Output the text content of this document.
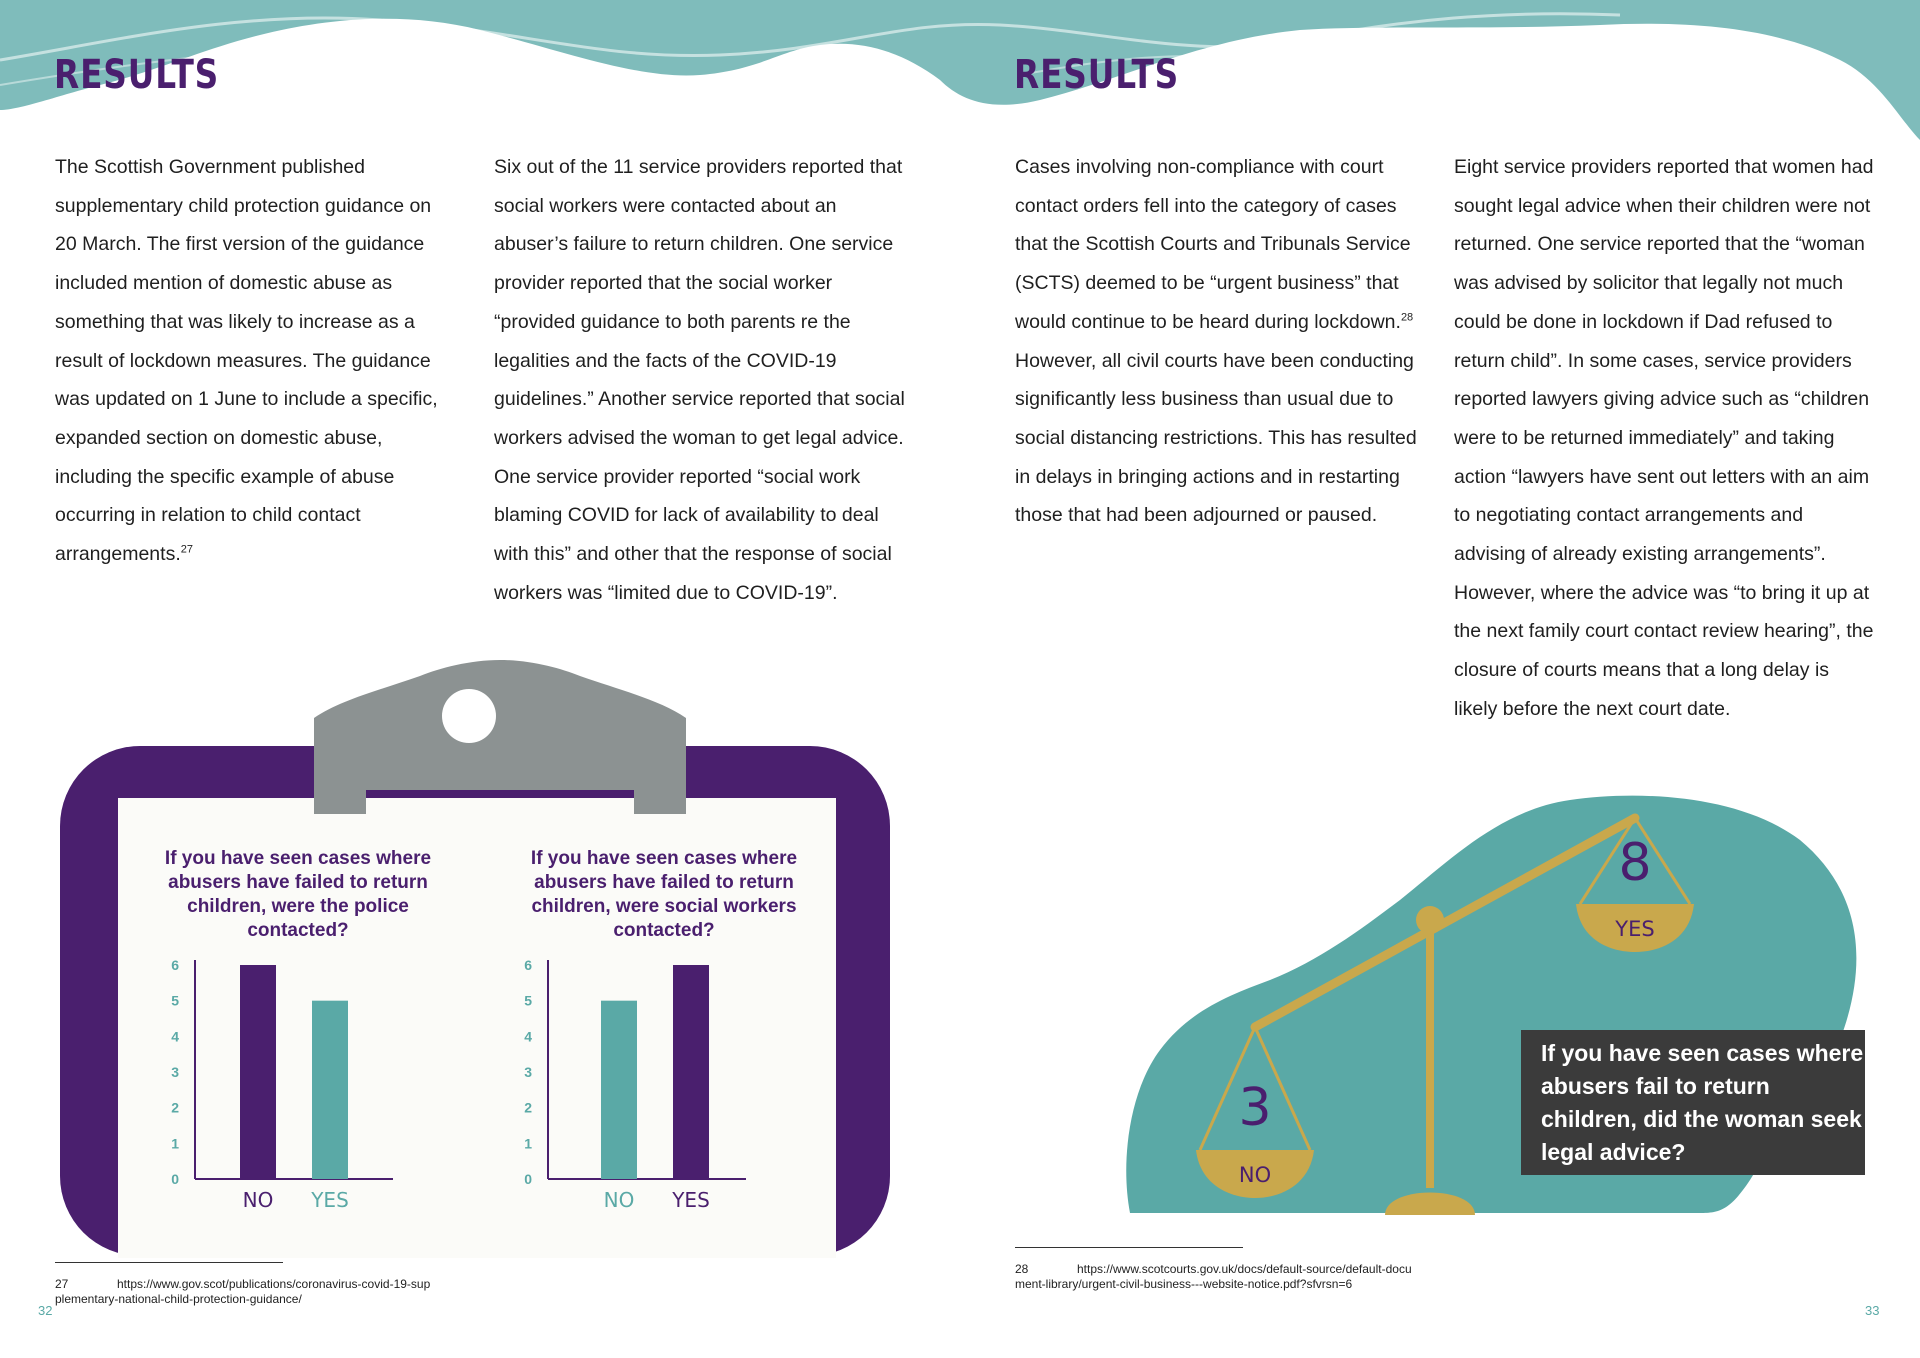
RESULTS

The Scottish Government published supplementary child protection guidance on 20 March. The first version of the guidance included mention of domestic abuse as something that was likely to increase as a result of lockdown measures. The guidance was updated on 1 June to include a specific, expanded section on domestic abuse, including the specific example of abuse occurring in relation to child contact arrangements.$^{27}$

Six out of the 11 service providers reported that social workers were contacted about an abuser’s failure to return children. One service provider reported that the social worker “provided guidance to both parents re the legalities and the facts of the COVID-19 guidelines.” Another service reported that social workers advised the woman to get legal advice. One service provider reported “social work blaming COVID for lack of availability to deal with this” and other that the response of social workers was “limited due to COVID-19”.

0
1
2
3
4
5
6
NO YES
0
1
2
3
4
5
6
NO YES
If you have seen cases where abusers have failed to return children, were the police contacted?
If you have seen cases where abusers have failed to return children, were social workers contacted?
27	https://www.gov.scot/publications/coronavirus-covid-19-supplementary-national-child-protection-guidance/
32
RESULTS

Cases involving non-compliance with court contact orders fell into the category of cases that the Scottish Courts and Tribunals Service (SCTS) deemed to be “urgent business” that would continue to be heard during lockdown.$^{28}$ However, all civil courts have been conducting significantly less business than usual due to social distancing restrictions. This has resulted in delays in bringing actions and in restarting those that had been adjourned or paused.

Eight service providers reported that women had sought legal advice when their children were not returned. One service reported that the “woman was advised by solicitor that legally not much could be done in lockdown if Dad refused to return child”. In some cases, service providers reported lawyers giving advice such as “children were to be returned immediately” and taking action “lawyers have sent out letters with an aim to negotiating contact arrangements and advising of already existing arrangements”. However, where the advice was “to bring it up at the next family court contact review hearing”, the closure of courts means that a long delay is likely before the next court date.

3
NO
8
YES
If you have seen cases where abusers fail to return children, did the woman seek legal advice?
28	https://www.scotcourts.gov.uk/docs/default-source/default-document-library/urgent-civil-business---website-notice.pdf?sfvrsn=6
33
